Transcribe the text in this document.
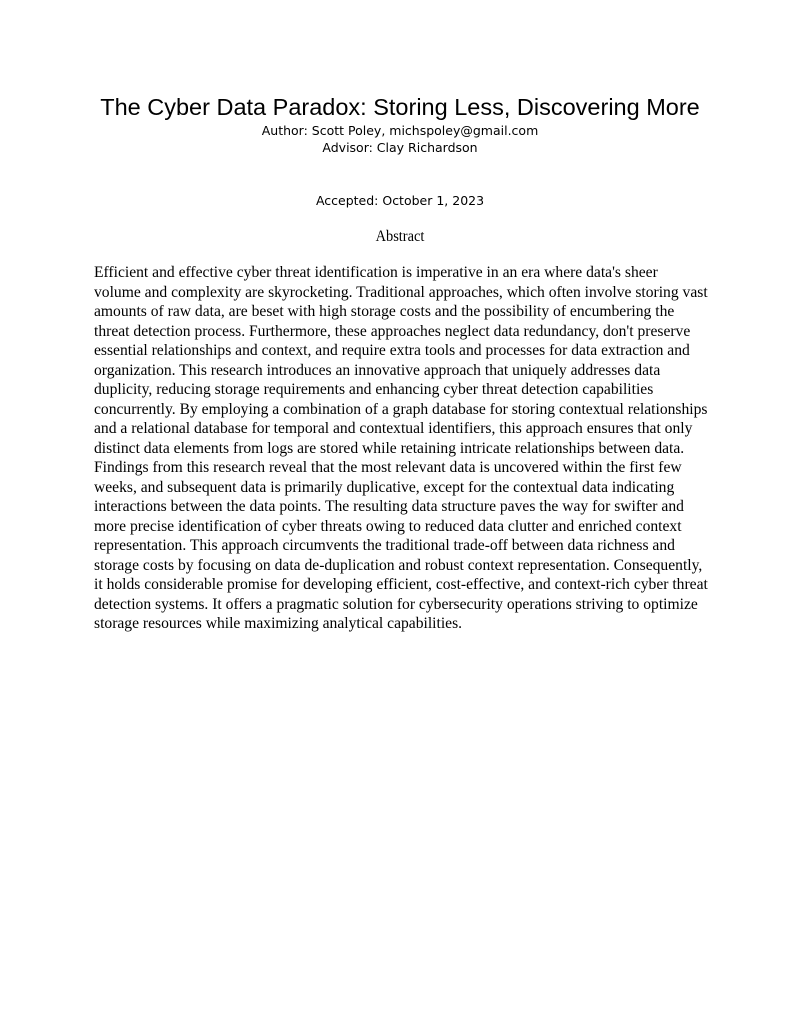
The Cyber Data Paradox: Storing Less, Discovering More
Author: Scott Poley, michspoley@gmail.com
Advisor: Clay Richardson
Accepted: October 1, 2023
Abstract

Efficient and effective cyber threat identification is imperative in an era where data's sheer volume and complexity are skyrocketing. Traditional approaches, which often involve storing vast amounts of raw data, are beset with high storage costs and the possibility of encumbering the threat detection process. Furthermore, these approaches neglect data redundancy, don't preserve essential relationships and context, and require extra tools and processes for data extraction and organization. This research introduces an innovative approach that uniquely addresses data duplicity, reducing storage requirements and enhancing cyber threat detection capabilities concurrently. By employing a combination of a graph database for storing contextual relationships and a relational database for temporal and contextual identifiers, this approach ensures that only distinct data elements from logs are stored while retaining intricate relationships between data. Findings from this research reveal that the most relevant data is uncovered within the first few weeks, and subsequent data is primarily duplicative, except for the contextual data indicating interactions between the data points. The resulting data structure paves the way for swifter and more precise identification of cyber threats owing to reduced data clutter and enriched context representation. This approach circumvents the traditional trade-off between data richness and storage costs by focusing on data de-duplication and robust context representation. Consequently, it holds considerable promise for developing efficient, cost-effective, and context-rich cyber threat detection systems. It offers a pragmatic solution for cybersecurity operations striving to optimize storage resources while maximizing analytical capabilities.
